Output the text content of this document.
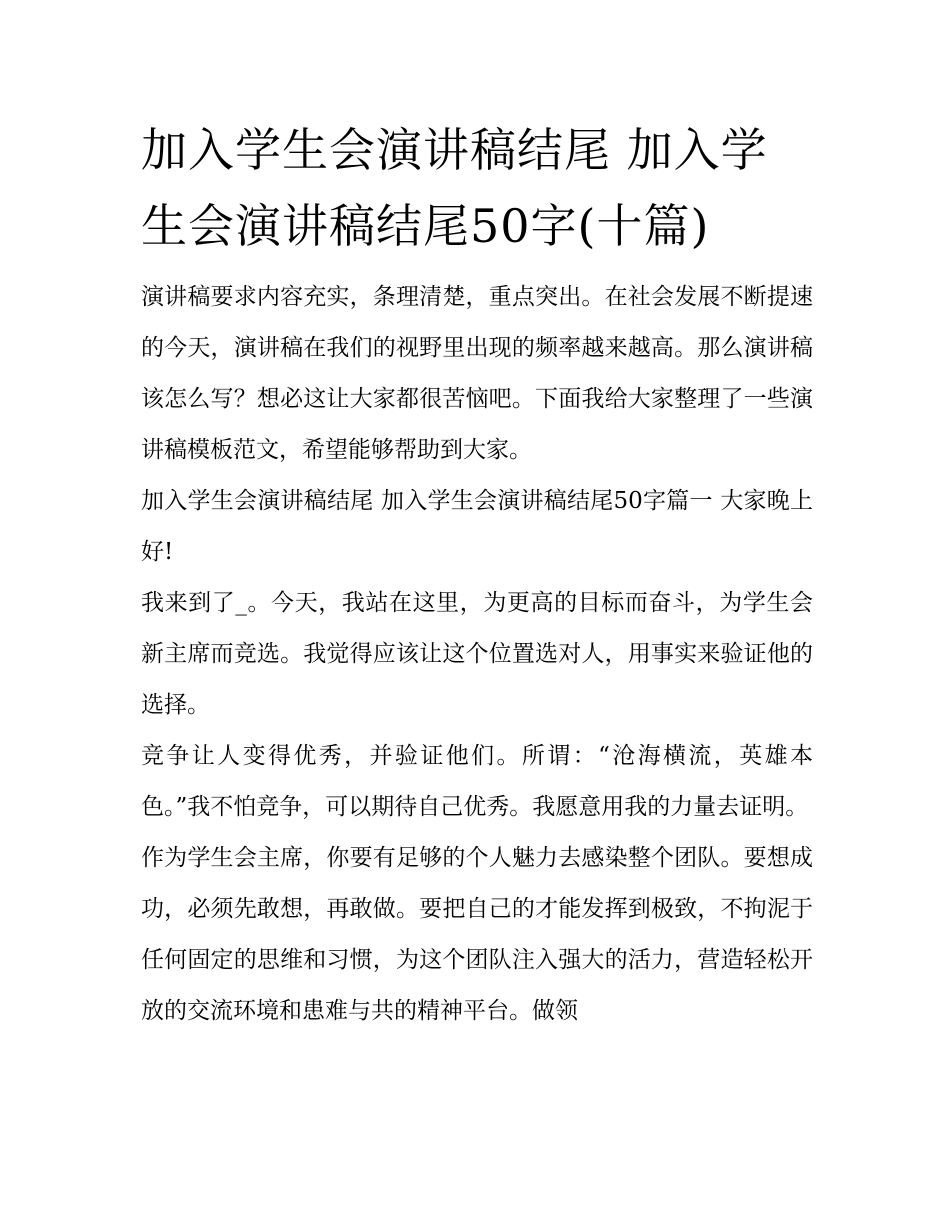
加入学生会演讲稿结尾 加入学生会演讲稿结尾50字(十篇)

演讲稿要求内容充实，条理清楚，重点突出。在社会发展不断提速的今天，演讲稿在我们的视野里出现的频率越来越高。那么演讲稿该怎么写？想必这让大家都很苦恼吧。下面我给大家整理了一些演讲稿模板范文，希望能够帮助到大家。

加入学生会演讲稿结尾 加入学生会演讲稿结尾50字篇一 大家晚上好!

我来到了_。今天，我站在这里，为更高的目标而奋斗，为学生会新主席而竞选。我觉得应该让这个位置选对人，用事实来验证他的选择。

竞争让人变得优秀，并验证他们。所谓：“沧海横流，英雄本色。”我不怕竞争，可以期待自己优秀。我愿意用我的力量去证明。

作为学生会主席，你要有足够的个人魅力去感染整个团队。要想成功，必须先敢想，再敢做。要把自己的才能发挥到极致，不拘泥于任何固定的思维和习惯，为这个团队注入强大的活力，营造轻松开放的交流环境和患难与共的精神平台。做领
